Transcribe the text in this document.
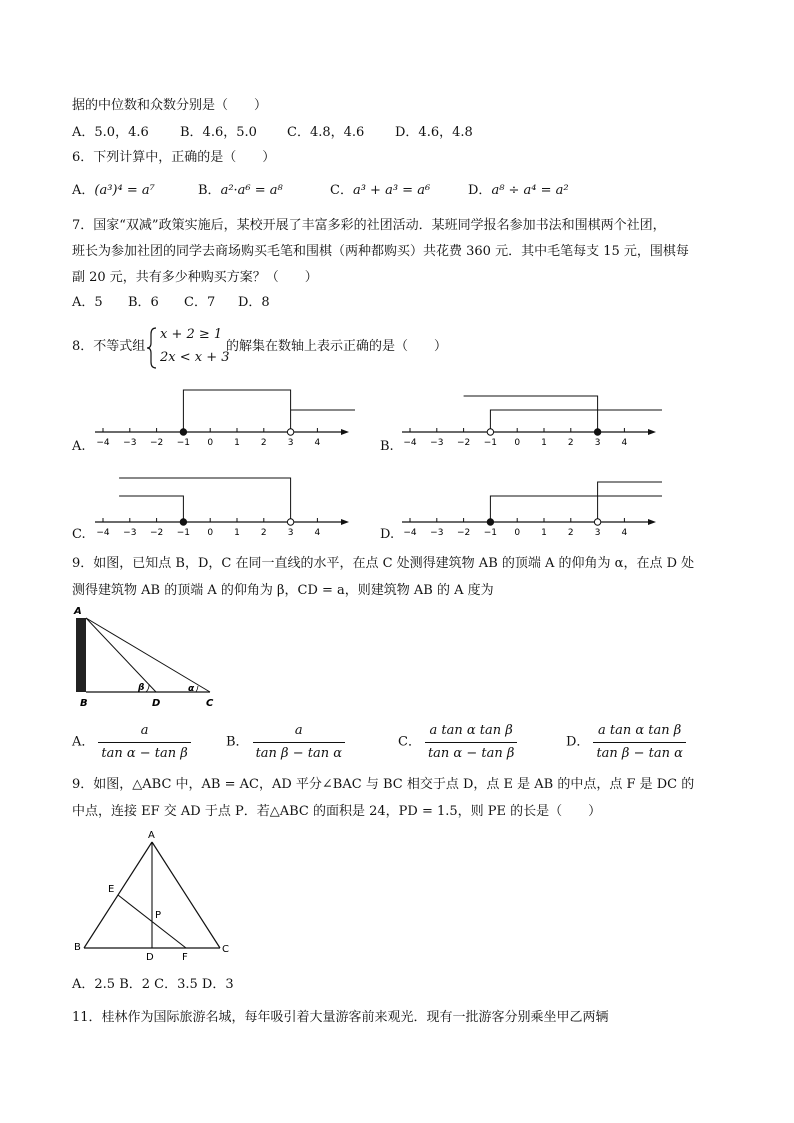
据的中位数和众数分别是（　　）
A．5.0，4.6 B．4.6，5.0 C．4.8，4.6 D．4.6，4.8
6．下列计算中，正确的是（　　）
A．(a³)⁴ = a⁷	B．a²·a⁶ = a⁸	C．a³ + a³ = a⁶	D．a⁸ ÷ a⁴ = a²
7．国家“双减”政策实施后，某校开展了丰富多彩的社团活动．某班同学报名参加书法和围棋两个社团，
班长为参加社团的同学去商场购买毛笔和围棋（两种都购买）共花费 360 元．其中毛笔每支 15 元，围棋每
副 20 元，共有多少种购买方案？（　　）
A．5 B．6 C．7 D．8
8．不等式组
x + 2 ≥ 1
2x < x + 3
的解集在数轴上表示正确的是（　　）
−4 −3 −2 −1 0 1 2 3 4	−4 −3 −2 −1 0 1 2 3 4
−4 −3 −2 −1 0 1 2 3 4	−4 −3 −2 −1 0 1 2 3 4
A.	B.
C.	D.
9．如图，已知点 B，D，C 在同一直线的水平，在点 C 处测得建筑物 AB 的顶端 A 的仰角为 α，在点 D 处
测得建筑物 AB 的顶端 A 的仰角为 β，CD = a，则建筑物 AB 的 A 度为
A
B	D	C
β	α
A． $\frac{a}{\text{tan α − tan β}}$	B． $\frac{a}{\text{tan β − tan α}}$	C． $\frac{\text{a tan α tan β}}{\text{tan α − tan β}}$	D． $\frac{\text{a tan α tan β}}{\text{tan β − tan α}}$
9．如图，△ABC 中，AB = AC，AD 平分∠BAC 与 BC 相交于点 D，点 E 是 AB 的中点，点 F 是 DC 的
中点，连接 EF 交 AD 于点 P．若△ABC 的面积是 24，PD = 1.5，则 PE 的长是（　　）
A
B	C
D
E
F
P
A．2.5 B．2 C．3.5 D．3
11．桂林作为国际旅游名城，每年吸引着大量游客前来观光．现有一批游客分别乘坐甲乙两辆
